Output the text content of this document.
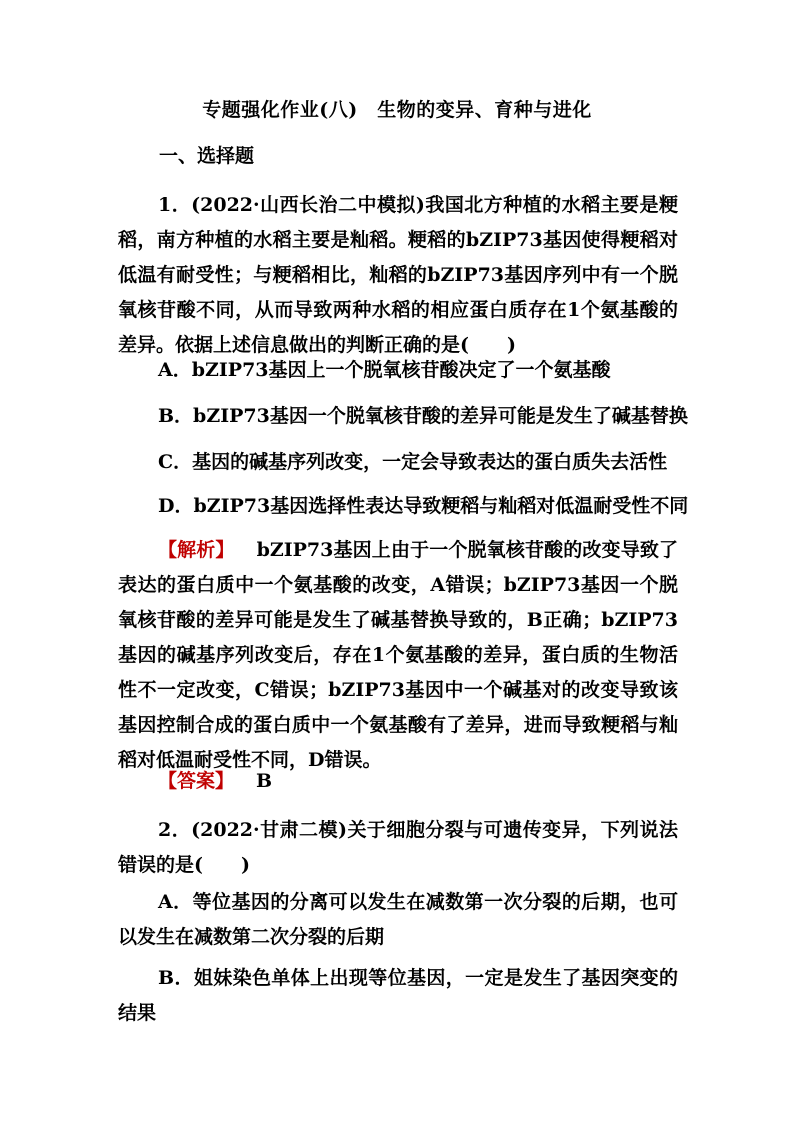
专题强化作业(八)　生物的变异、育种与进化
一、选择题
1．(2022·山西长治二中模拟)我国北方种植的水稻主要是粳稻，南方种植的水稻主要是籼稻。粳稻的bZIP73基因使得粳稻对低温有耐受性；与粳稻相比，籼稻的bZIP73基因序列中有一个脱氧核苷酸不同，从而导致两种水稻的相应蛋白质存在1个氨基酸的差异。依据上述信息做出的判断正确的是(　　)
A．bZIP73基因上一个脱氧核苷酸决定了一个氨基酸
B．bZIP73基因一个脱氧核苷酸的差异可能是发生了碱基替换
C．基因的碱基序列改变，一定会导致表达的蛋白质失去活性
D．bZIP73基因选择性表达导致粳稻与籼稻对低温耐受性不同
【解析】 bZIP73基因上由于一个脱氧核苷酸的改变导致了表达的蛋白质中一个氨基酸的改变，A错误；bZIP73基因一个脱氧核苷酸的差异可能是发生了碱基替换导致的，B正确；bZIP73基因的碱基序列改变后，存在1个氨基酸的差异，蛋白质的生物活性不一定改变，C错误；bZIP73基因中一个碱基对的改变导致该基因控制合成的蛋白质中一个氨基酸有了差异，进而导致粳稻与籼稻对低温耐受性不同，D错误。
【答案】 B
2．(2022·甘肃二模)关于细胞分裂与可遗传变异，下列说法错误的是(　　)
A．等位基因的分离可以发生在减数第一次分裂的后期，也可以发生在减数第二次分裂的后期
B．姐妹染色单体上出现等位基因，一定是发生了基因突变的结果
